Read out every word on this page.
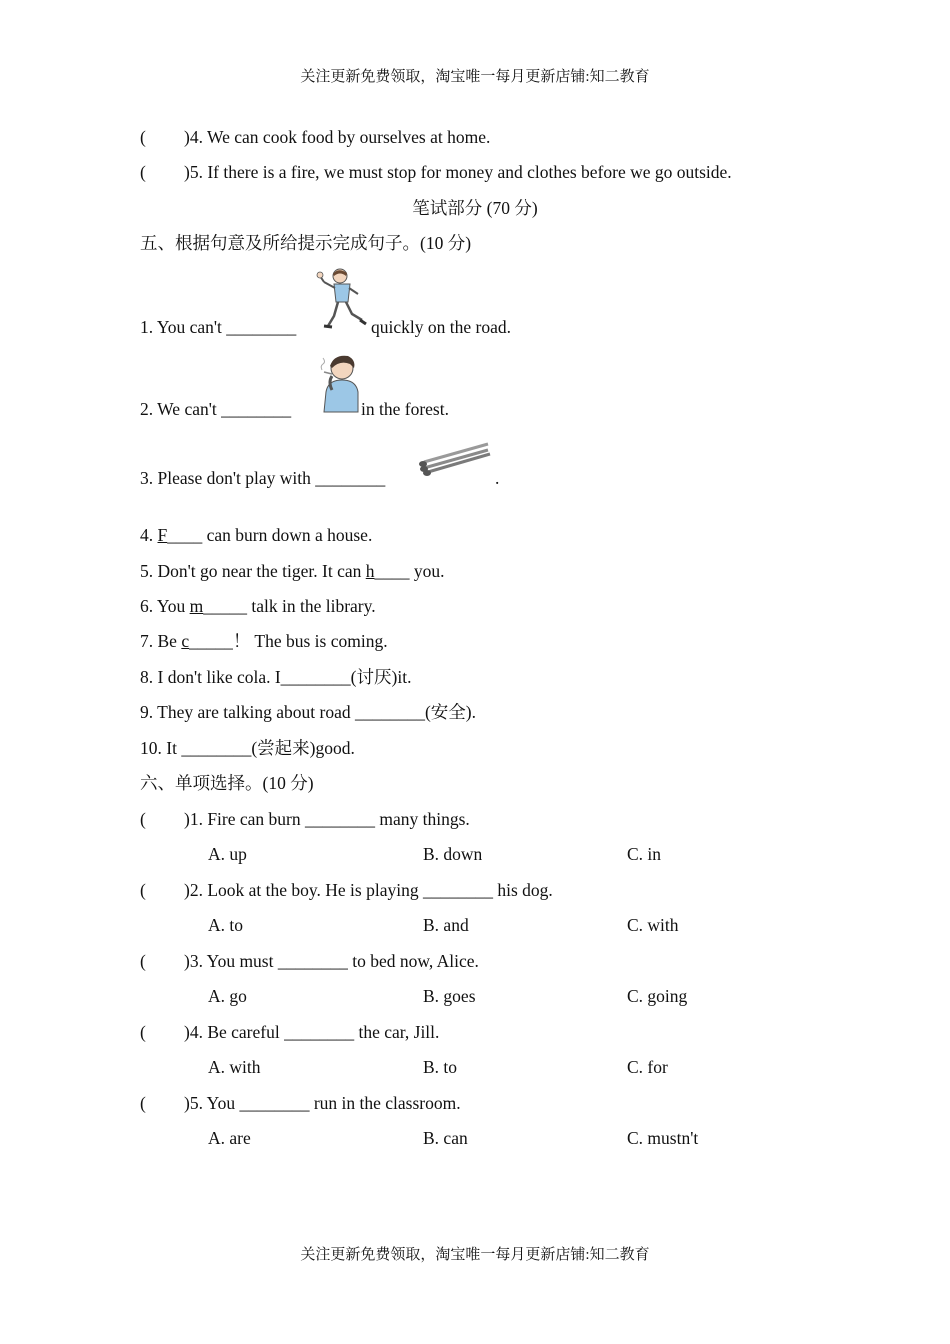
关注更新免费领取，淘宝唯一每月更新店铺:知二教育
( )4. We can cook food by ourselves at home.
( )5. If there is a fire, we must stop for money and clothes before we go outside.
笔试部分 (70 分)
五、根据句意及所给提示完成句子。(10 分)
1. You can't ________	quickly on the road.
2. We can't ________	in the forest.
3. Please don't play with ________	.
4. F____ can burn down a house.
5. Don't go near the tiger. It can h____ you.
6. You m_____ talk in the library.
7. Be c_____！ The bus is coming.
8. I don't like cola. I________(讨厌)it.
9. They are talking about road ________(安全).
10. It ________(尝起来)good.
六、单项选择。(10 分)
( )1. Fire can burn ________ many things.
A. up	B. down	C. in
( )2. Look at the boy. He is playing ________ his dog.
A. to	B. and	C. with
( )3. You must ________ to bed now, Alice.
A. go	B. goes	C. going
( )4. Be careful ________ the car, Jill.
A. with	B. to	C. for
( )5. You ________ run in the classroom.
A. are	B. can	C. mustn't
关注更新免费领取，淘宝唯一每月更新店铺:知二教育
